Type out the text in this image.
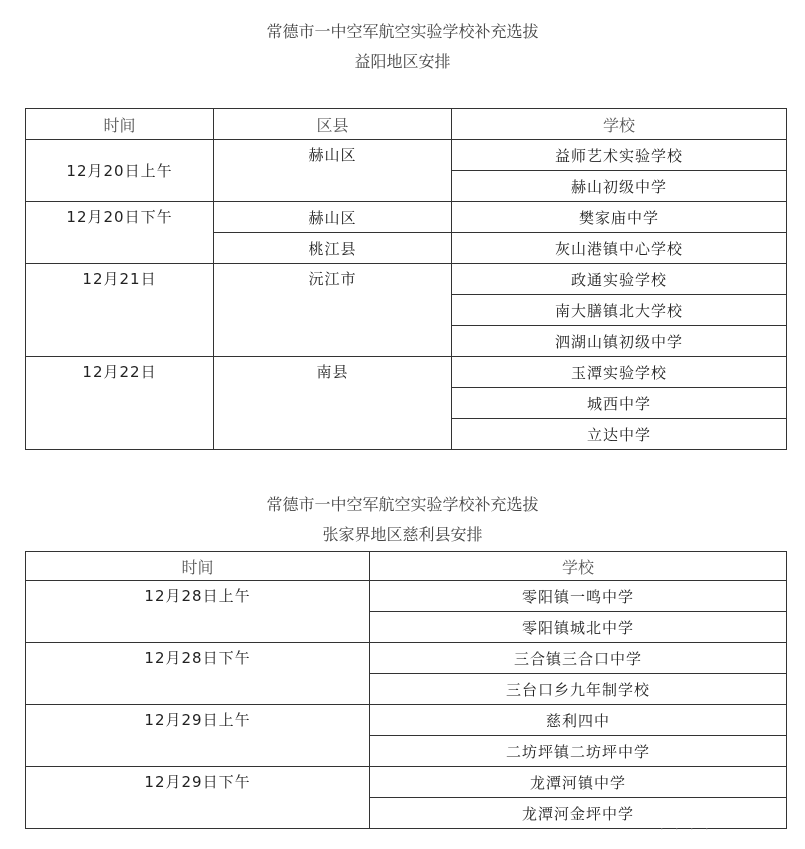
常德市一中空军航空实验学校补充选拔
益阳地区安排
时间	区县	学校
12月20日上午	赫山区	益师艺术实验学校
		赫山初级中学
12月20日下午	赫山区	樊家庙中学
	桃江县	灰山港镇中心学校
12月21日	沅江市	政通实验学校
		南大膳镇北大学校
		泗湖山镇初级中学
12月22日	南县	玉潭实验学校
		城西中学
		立达中学
常德市一中空军航空实验学校补充选拔
张家界地区慈利县安排
时间	学校
12月28日上午	零阳镇一鸣中学
	零阳镇城北中学
12月28日下午	三合镇三合口中学
	三台口乡九年制学校
12月29日上午	慈利四中
	二坊坪镇二坊坪中学
12月29日下午	龙潭河镇中学
	龙潭河金坪中学
· · · ·
